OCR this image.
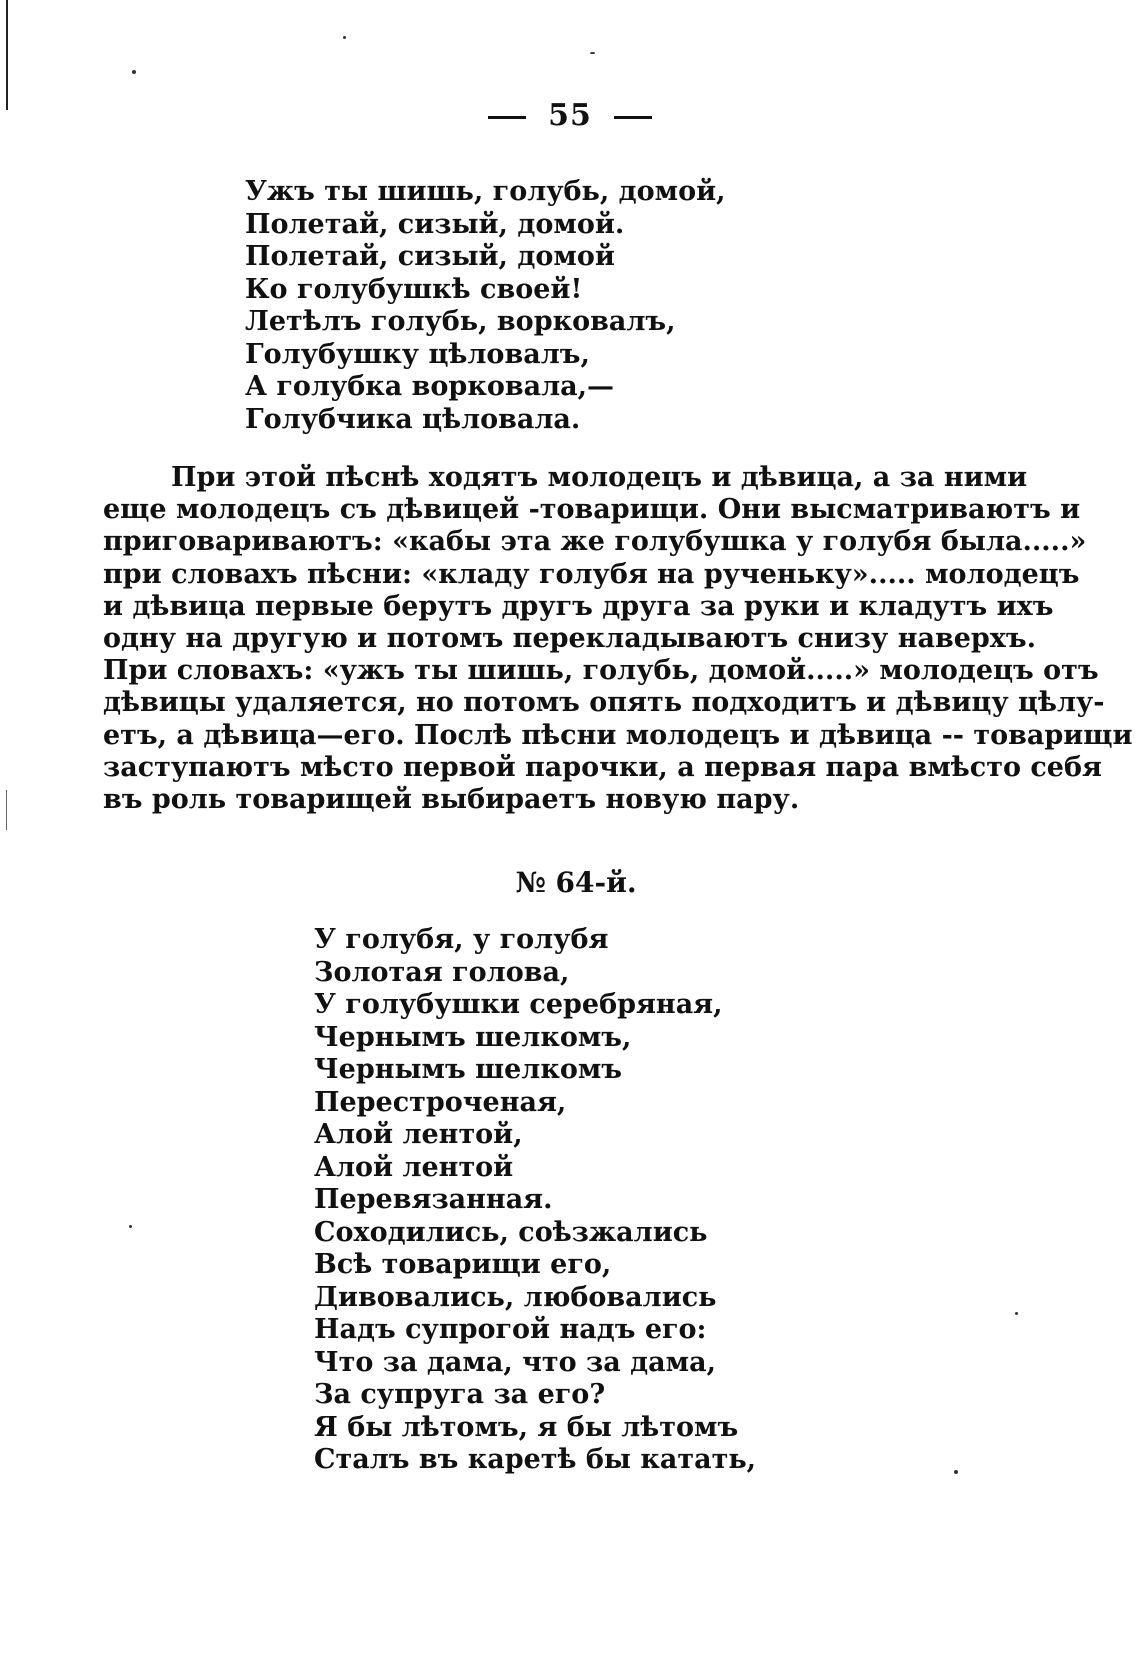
55
Ужъ ты шишь, голубь, домой,
Полетай, сизый, домой.
Полетай, сизый, домой
Ко голубушкѣ своей!
Летѣлъ голубь, ворковалъ,
Голубушку цѣловалъ,
А голубка ворковала,—
Голубчика цѣловала.
При этой пѣснѣ ходятъ молодецъ и дѣвица, а за ними
еще молодецъ съ дѣвицей -товарищи. Они высматриваютъ и
приговариваютъ: «кабы эта же голубушка у голубя была.....»
при словахъ пѣсни: «кладу голубя на рученьку»..... молодецъ
и дѣвица первые берутъ другъ друга за руки и кладутъ ихъ
одну на другую и потомъ перекладываютъ снизу наверхъ.
При словахъ: «ужъ ты шишь, голубь, домой.....» молодецъ отъ
дѣвицы удаляется, но потомъ опять подходитъ и дѣвицу цѣлу-
етъ, а дѣвица—его. Послѣ пѣсни молодецъ и дѣвица -- товарищи
заступаютъ мѣсто первой парочки, а первая пара вмѣсто себя
въ роль товарищей выбираетъ новую пару.
№ 64-й.
У голубя, у голубя
Золотая голова,
У голубушки серебряная,
Чернымъ шелкомъ,
Чернымъ шелкомъ
Перестроченая,
Алой лентой,
Алой лентой
Перевязанная.
Соходились, соѣзжались
Всѣ товарищи его,
Дивовались, любовались
Надъ супрогой надъ его:
Что за дама, что за дама,
За супруга за его?
Я бы лѣтомъ, я бы лѣтомъ
Сталъ въ каретѣ бы катать,
